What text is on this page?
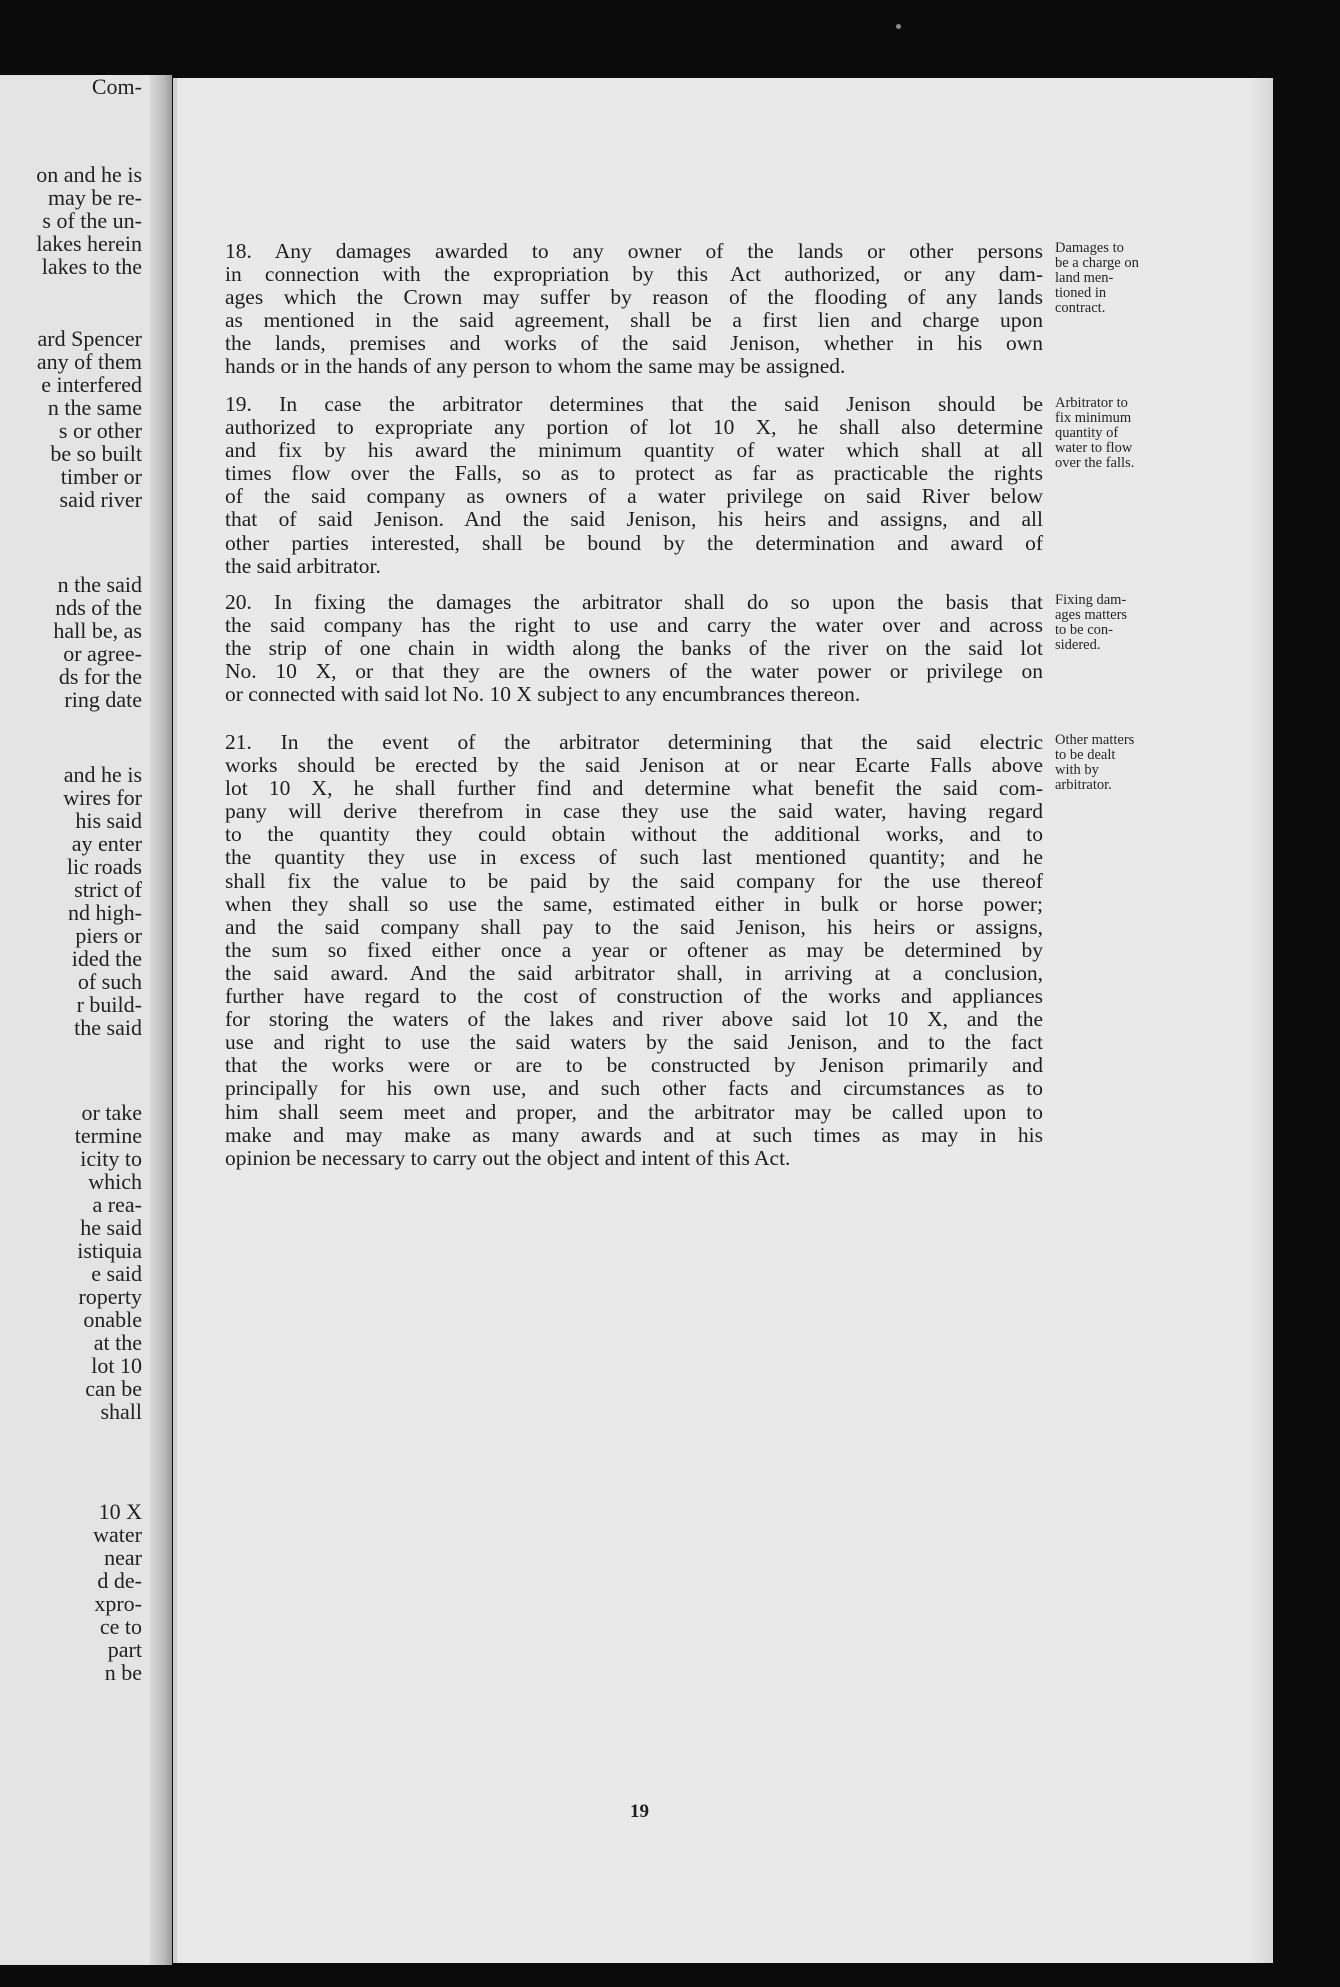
on and he is
may be re-
s of the un-
lakes herein
lakes to the
ard Spencer
any of them
e interfered
n the same
s or other
be so built
timber or
said river
n the said
nds of the
hall be, as
or agree-
ds for the
ring date
and he is
wires for
his said
ay enter
lic roads
strict of
nd high-
piers or
ided the
of such
r build-
the said
or take
termine
icity to
which
a rea-
he said
istiquia
e said
roperty
onable
at the
lot 10
can be
shall
10 X
water
near
d de-
xpro-
ce to
part
n be
Com-
18. Any damages awarded to any owner of the lands or other persons
in connection with the expropriation by this Act authorized, or any dam-
ages which the Crown may suffer by reason of the flooding of any lands
as mentioned in the said agreement, shall be a first lien and charge upon
the lands, premises and works of the said Jenison, whether in his own
hands or in the hands of any person to whom the same may be assigned.
19. In case the arbitrator determines that the said Jenison should be
authorized to expropriate any portion of lot 10 X, he shall also determine
and fix by his award the minimum quantity of water which shall at all
times flow over the Falls, so as to protect as far as practicable the rights
of the said company as owners of a water privilege on said River below
that of said Jenison. And the said Jenison, his heirs and assigns, and all
other parties interested, shall be bound by the determination and award of
the said arbitrator.
20. In fixing the damages the arbitrator shall do so upon the basis that
the said company has the right to use and carry the water over and across
the strip of one chain in width along the banks of the river on the said lot
No. 10 X, or that they are the owners of the water power or privilege on
or connected with said lot No. 10 X subject to any encumbrances thereon.
21. In the event of the arbitrator determining that the said electric
works should be erected by the said Jenison at or near Ecarte Falls above
lot 10 X, he shall further find and determine what benefit the said com-
pany will derive therefrom in case they use the said water, having regard
to the quantity they could obtain without the additional works, and to
the quantity they use in excess of such last mentioned quantity; and he
shall fix the value to be paid by the said company for the use thereof
when they shall so use the same, estimated either in bulk or horse power;
and the said company shall pay to the said Jenison, his heirs or assigns,
the sum so fixed either once a year or oftener as may be determined by
the said award. And the said arbitrator shall, in arriving at a conclusion,
further have regard to the cost of construction of the works and appliances
for storing the waters of the lakes and river above said lot 10 X, and the
use and right to use the said waters by the said Jenison, and to the fact
that the works were or are to be constructed by Jenison primarily and
principally for his own use, and such other facts and circumstances as to
him shall seem meet and proper, and the arbitrator may be called upon to
make and may make as many awards and at such times as may in his
opinion be necessary to carry out the object and intent of this Act.
Damages to
be a charge on
land men-
tioned in
contract.
Arbitrator to
fix minimum
quantity of
water to flow
over the falls.
Fixing dam-
ages matters
to be con-
sidered.
Other matters
to be dealt
with by
arbitrator.
19
